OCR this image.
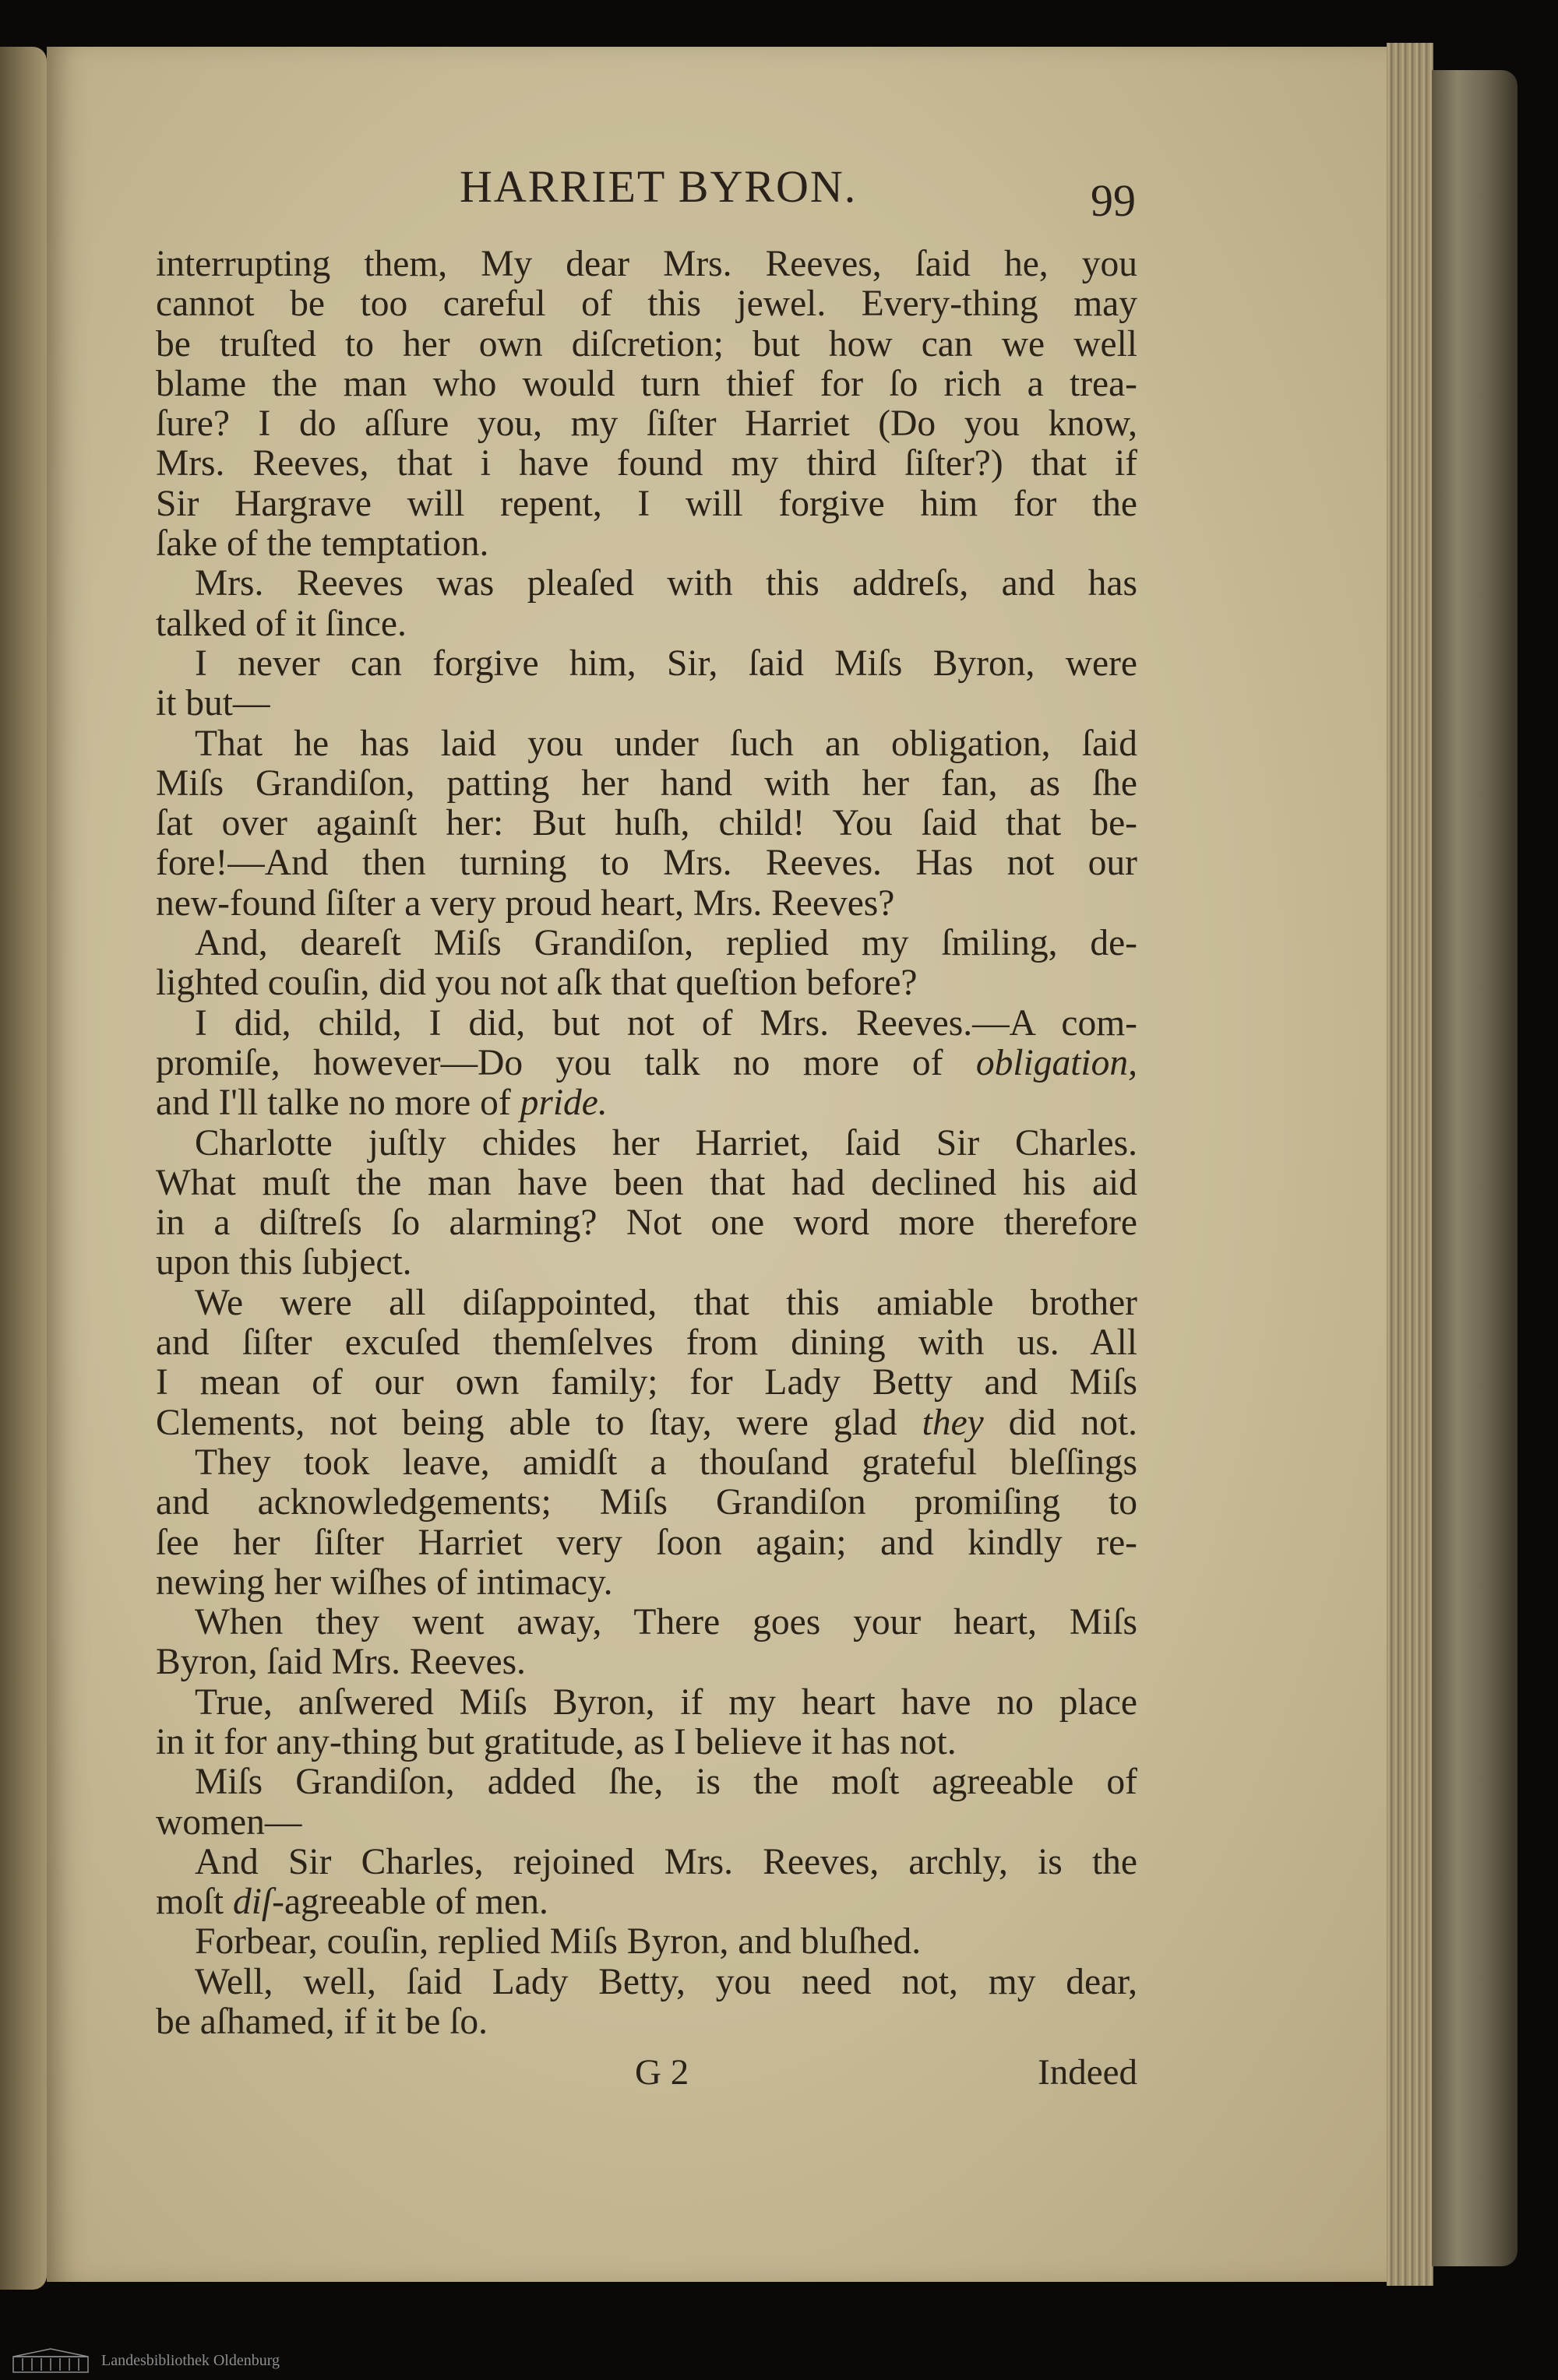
HARRIET BYRON.	99

interrupting them, My dear Mrs. Reeves, ſaid he, you

cannot be too careful of this jewel. Every-thing may

be truſted to her own diſcretion; but how can we well

blame the man who would turn thief for ſo rich a trea-

ſure? I do aſſure you, my ſiſter Harriet (Do you know,

Mrs. Reeves, that i have found my third ſiſter?) that if

Sir Hargrave will repent, I will forgive him for the

ſake of the temptation.

Mrs. Reeves was pleaſed with this addreſs, and has

talked of it ſince.

I never can forgive him, Sir, ſaid Miſs Byron, were

it but—

That he has laid you under ſuch an obligation, ſaid

Miſs Grandiſon, patting her hand with her fan, as ſhe

ſat over againſt her: But huſh, child! You ſaid that be-

fore!—And then turning to Mrs. Reeves. Has not our

new-found ſiſter a very proud heart, Mrs. Reeves?

And, deareſt Miſs Grandiſon, replied my ſmiling, de-

lighted couſin, did you not aſk that queſtion before?

I did, child, I did, but not of Mrs. Reeves.—A com-

promiſe, however—Do you talk no more of obligation,

and I'll talke no more of pride.

Charlotte juſtly chides her Harriet, ſaid Sir Charles.

What muſt the man have been that had declined his aid

in a diſtreſs ſo alarming? Not one word more therefore

upon this ſubject.

We were all diſappointed, that this amiable brother

and ſiſter excuſed themſelves from dining with us. All

I mean of our own family; for Lady Betty and Miſs

Clements, not being able to ſtay, were glad they did not.

They took leave, amidſt a thouſand grateful bleſſings

and acknowledgements; Miſs Grandiſon promiſing to

ſee her ſiſter Harriet very ſoon again; and kindly re-

newing her wiſhes of intimacy.

When they went away, There goes your heart, Miſs

Byron, ſaid Mrs. Reeves.

True, anſwered Miſs Byron, if my heart have no place

in it for any-thing but gratitude, as I believe it has not.

Miſs Grandiſon, added ſhe, is the moſt agreeable of

women—

And Sir Charles, rejoined Mrs. Reeves, archly, is the

moſt diſ-agreeable of men.

Forbear, couſin, replied Miſs Byron, and bluſhed.

Well, well, ſaid Lady Betty, you need not, my dear,

be aſhamed, if it be ſo.

G 2	Indeed
Landesbibliothek Oldenburg
